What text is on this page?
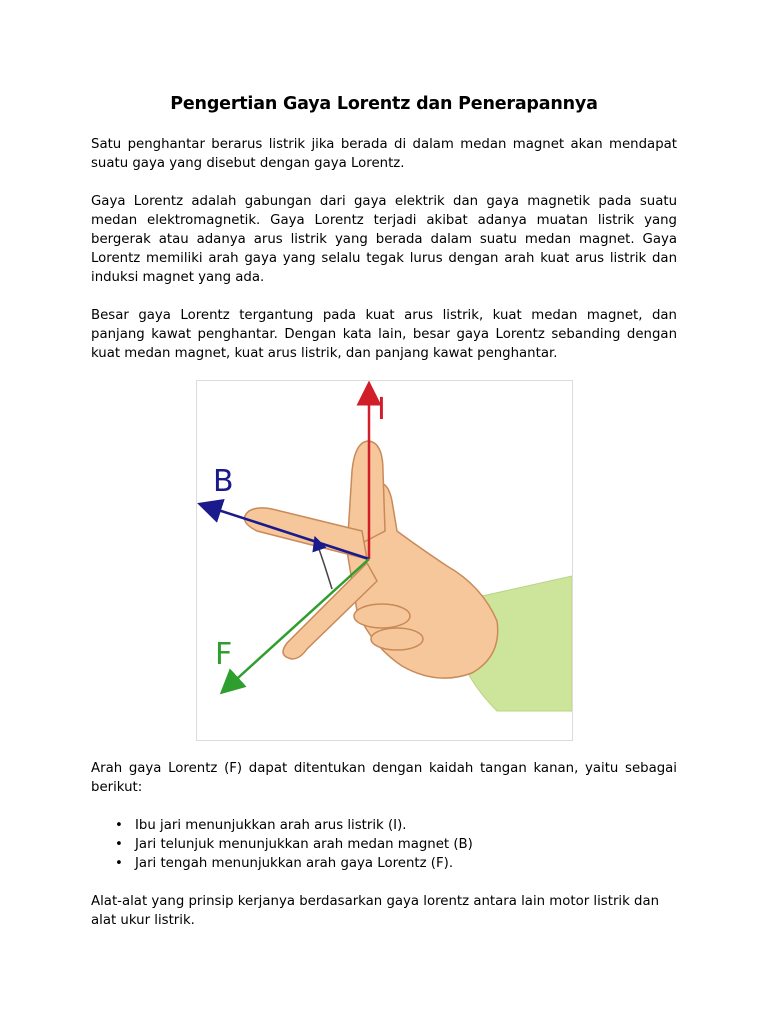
Pengertian Gaya Lorentz dan Penerapannya

Satu penghantar berarus listrik jika berada di dalam medan magnet akan mendapat suatu gaya yang disebut dengan gaya Lorentz.

Gaya Lorentz adalah gabungan dari gaya elektrik dan gaya magnetik pada suatu medan elektromagnetik. Gaya Lorentz terjadi akibat adanya muatan listrik yang bergerak atau adanya arus listrik yang berada dalam suatu medan magnet. Gaya Lorentz memiliki arah gaya yang selalu tegak lurus dengan arah kuat arus listrik dan induksi magnet yang ada.

Besar gaya Lorentz tergantung pada kuat arus listrik, kuat medan magnet, dan panjang kawat penghantar. Dengan kata lain, besar gaya Lorentz sebanding dengan kuat medan magnet, kuat arus listrik, dan panjang kawat penghantar.

I
B
F

Arah gaya Lorentz (F) dapat ditentukan dengan kaidah tangan kanan, yaitu sebagai berikut:

• Ibu jari menunjukkan arah arus listrik (I).
• Jari telunjuk menunjukkan arah medan magnet (B)
• Jari tengah menunjukkan arah gaya Lorentz (F).

Alat-alat yang prinsip kerjanya berdasarkan gaya lorentz antara lain motor listrik dan alat ukur listrik.
